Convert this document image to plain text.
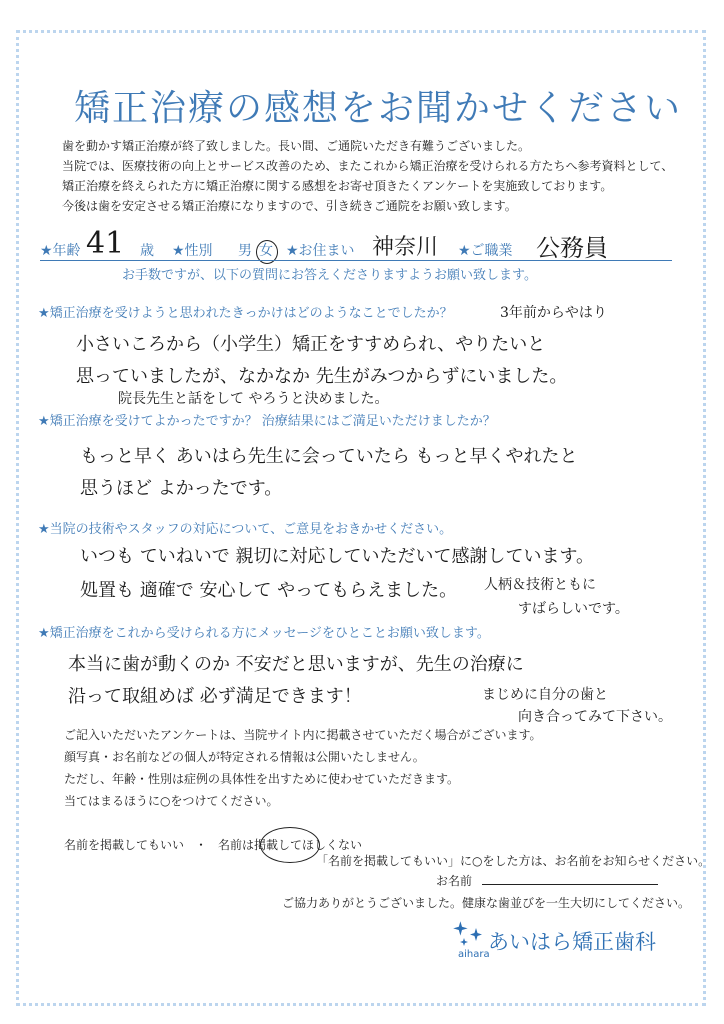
矯正治療の感想をお聞かせください
歯を動かす矯正治療が終了致しました。長い間、ご通院いただき有難うございました。
当院では、医療技術の向上とサービス改善のため、またこれから矯正治療を受けられる方たちへ参考資料として、
矯正治療を終えられた方に矯正治療に関する感想をお寄せ頂きたくアンケートを実施致しております。
今後は歯を安定させる矯正治療になりますので、引き続きご通院をお願い致します。
★年齢 41 歳 ★性別 男 女 ★お住まい 神奈川 ★ご職業 公務員
お手数ですが、以下の質問にお答えくださりますようお願い致します。
★矯正治療を受けようと思われたきっかけはどのようなことでしたか？	3年前からやはり
小さいころから（小学生）矯正をすすめられ、やりたいと
思っていましたが、なかなか 先生がみつからずにいました。
院長先生と話をして やろうと決めました。
★矯正治療を受けてよかったですか？ 治療結果にはご満足いただけましたか？
もっと早く あいはら先生に会っていたら もっと早くやれたと
思うほど よかったです。
★当院の技術やスタッフの対応について、ご意見をおきかせください。
いつも ていねいで 親切に対応していただいて感謝しています。
処置も 適確で 安心して やってもらえました。 人柄＆技術ともに
すばらしいです。
★矯正治療をこれから受けられる方にメッセージをひとことお願い致します。
本当に歯が動くのか 不安だと思いますが、先生の治療に
沿って取組めば 必ず満足できます！	まじめに自分の歯と
向き合ってみて下さい。
ご記入いただいたアンケートは、当院サイト内に掲載させていただく場合がございます。
顔写真・お名前などの個人が特定される情報は公開いたしません。
ただし、年齢・性別は症例の具体性を出すために使わせていただきます。
当てはまるほうに○をつけてください。
名前を掲載してもいい ・ 名前は掲載してほしくない
「名前を掲載してもいい」に○をした方は、お名前をお知らせください。
お名前
ご協力ありがとうございました。健康な歯並びを一生大切にしてください。
あいはら矯正歯科
aihara
